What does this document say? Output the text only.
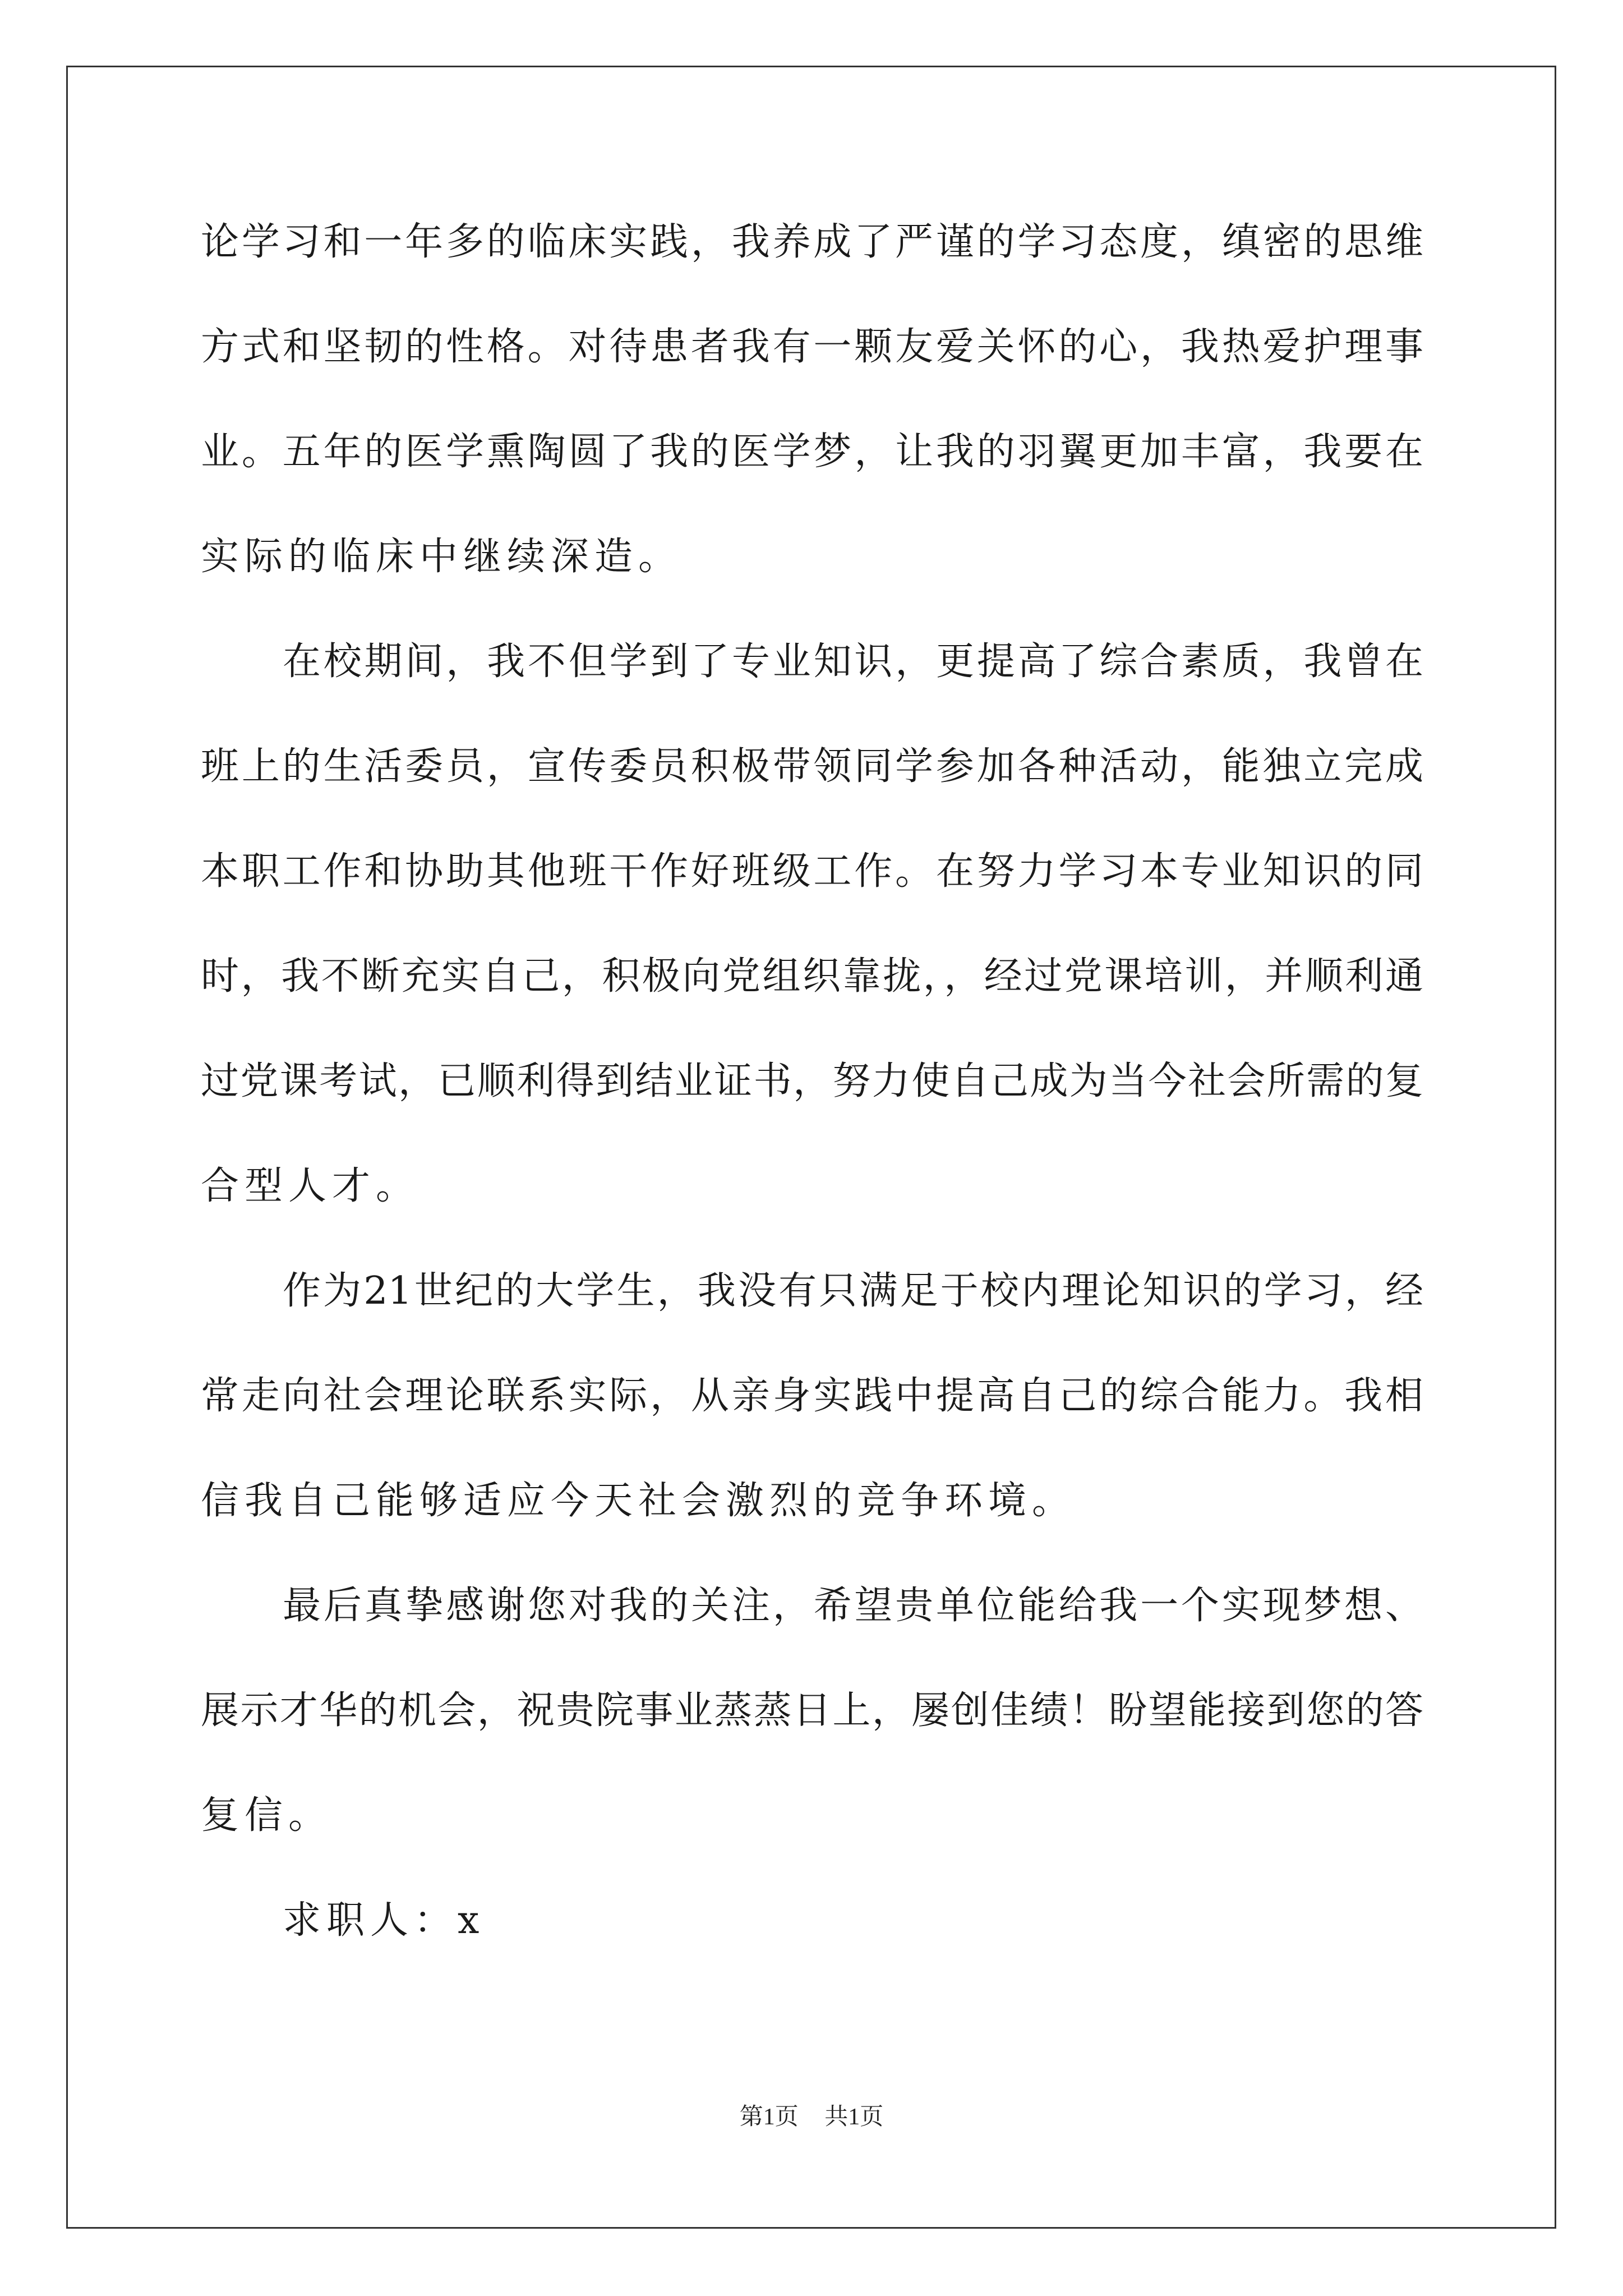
论学习和一年多的临床实践，我养成了严谨的学习态度，缜密的思维
方式和坚韧的性格。对待患者我有一颗友爱关怀的心，我热爱护理事
业。五年的医学熏陶圆了我的医学梦，让我的羽翼更加丰富，我要在
实际的临床中继续深造。
在校期间，我不但学到了专业知识，更提高了综合素质，我曾在
班上的生活委员，宣传委员积极带领同学参加各种活动，能独立完成
本职工作和协助其他班干作好班级工作。在努力学习本专业知识的同
时，我不断充实自己，积极向党组织靠拢，，经过党课培训，并顺利通
过党课考试，已顺利得到结业证书，努力使自己成为当今社会所需的复
合型人才。
作为21世纪的大学生，我没有只满足于校内理论知识的学习，经
常走向社会理论联系实际，从亲身实践中提高自己的综合能力。我相
信我自己能够适应今天社会激烈的竞争环境。
最后真挚感谢您对我的关注，希望贵单位能给我一个实现梦想、
展示才华的机会，祝贵院事业蒸蒸日上，屡创佳绩！盼望能接到您的答
复信。
求职人：x
第1页 共1页
